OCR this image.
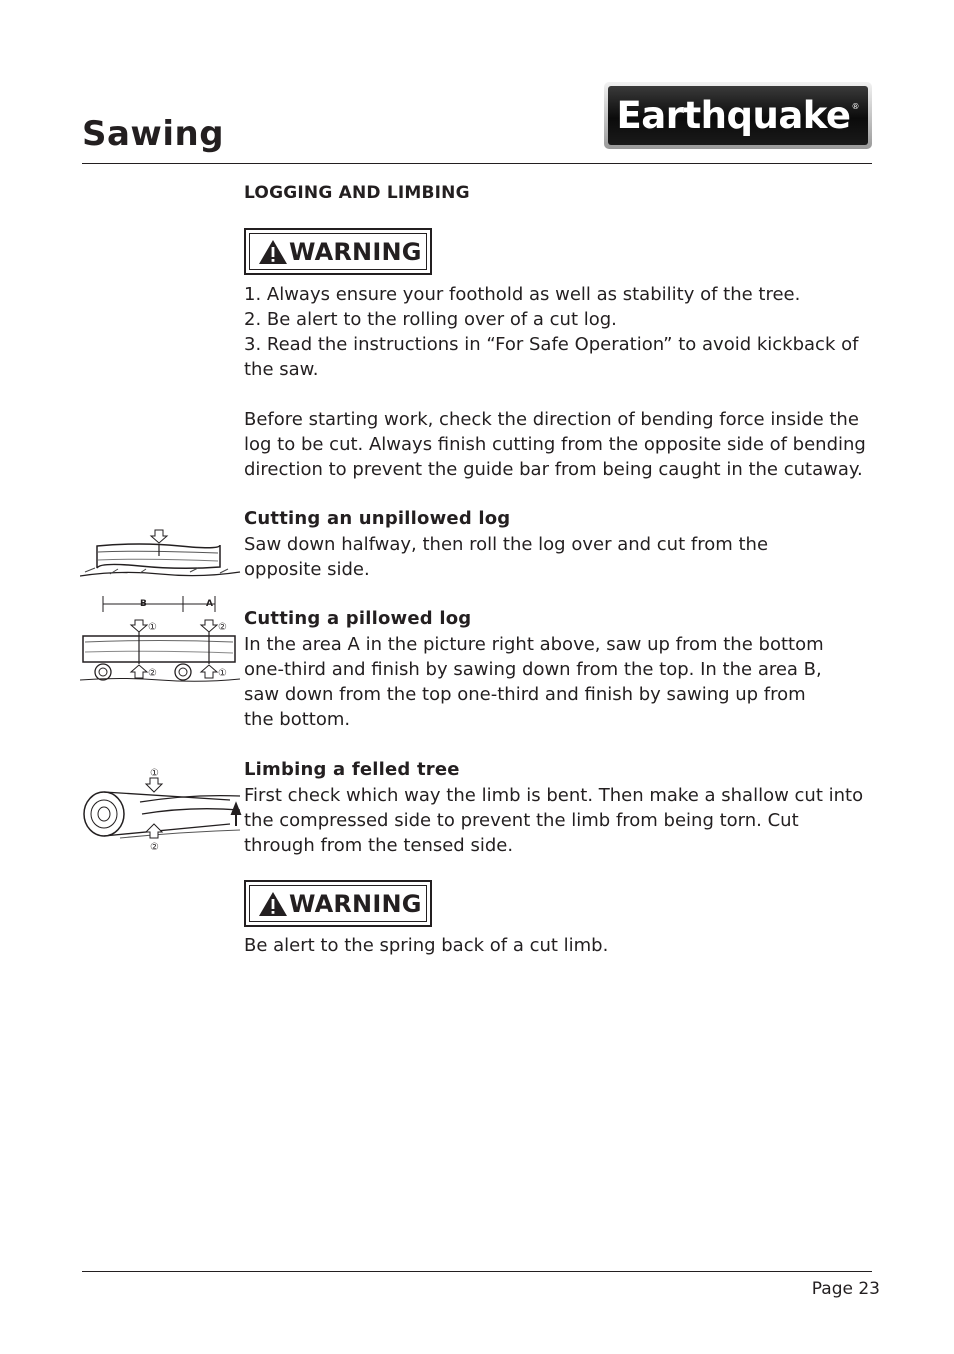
Sawing	Earthquake ®
LOGGING AND LIMBING
WARNING

1. Always ensure your foothold as well as stability of the tree.

2. Be alert to the rolling over of a cut log.

3. Read the instructions in “For Safe Operation” to avoid kickback of the saw.

Before starting work, check the direction of bending force inside the log to be cut. Always finish cutting from the opposite side of bending direction to prevent the guide bar from being caught in the cutaway.
Cutting an unpillowed log
Saw down halfway, then roll the log over and cut from the opposite side.
B	A
①	②
②	①
Cutting a pillowed log
In the area A in the picture right above, saw up from the bottom one-third and finish by sawing down from the top. In the area B, saw down from the top one-third and finish by sawing up from the bottom.
①
②
Limbing a felled tree
First check which way the limb is bent. Then make a shallow cut into the compressed side to prevent the limb from being torn. Cut through from the tensed side.
WARNING
Be alert to the spring back of a cut limb.
Page 23
